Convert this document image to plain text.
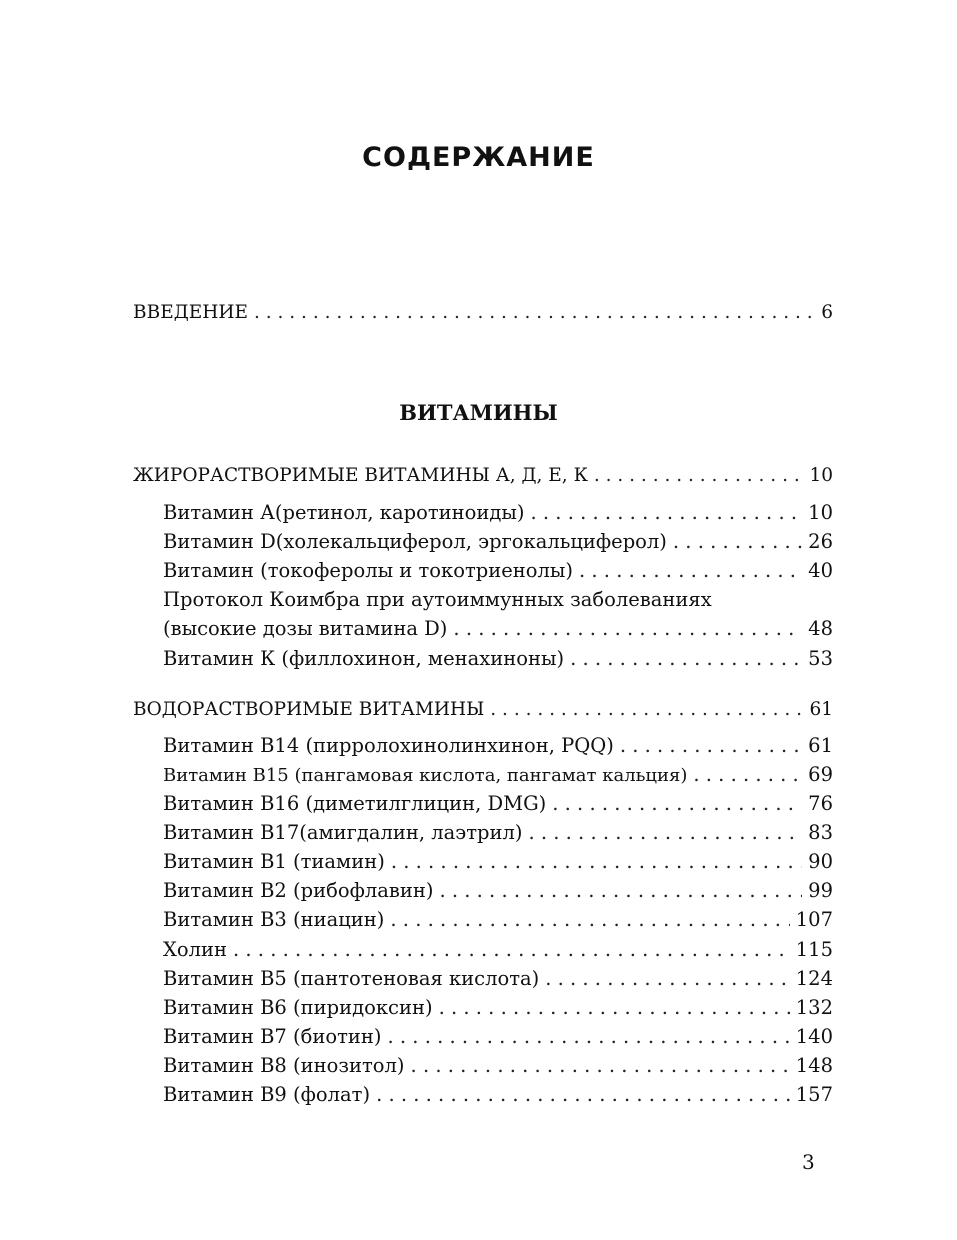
СОДЕРЖАНИЕ
ВВЕДЕНИЕ . . .	6
ВИТАМИНЫ
ЖИРОРАСТВОРИМЫЕ ВИТАМИНЫ А, Д, Е, К . . .	10
Витамин А(ретинол, каротиноиды) . . .	10
Витамин D(холекальциферол, эргокальциферол) . . .	26
Витамин (токоферолы и токотриенолы) . . .	40
Протокол Коимбра при аутоиммунных заболеваниях
(высокие дозы витамина D) . . .	48
Витамин К (филлохинон, менахиноны) . . .	53
ВОДОРАСТВОРИМЫЕ ВИТАМИНЫ . . .	61
Витамин В14 (пирролохинолинхинон, PQQ) . . .	61
Витамин В15 (пангамовая кислота, пангамат кальция) . . .	69
Витамин В16 (диметилглицин, DMG) . . .	76
Витамин В17(амигдалин, лаэтрил) . . .	83
Витамин В1 (тиамин) . . .	90
Витамин В2 (рибофлавин) . . .	99
Витамин В3 (ниацин) . . .	107
Холин . . .	115
Витамин В5 (пантотеновая кислота) . . .	124
Витамин В6 (пиридоксин) . . .	132
Витамин В7 (биотин) . . .	140
Витамин В8 (инозитол) . . .	148
Витамин В9 (фолат) . . .	157
3
